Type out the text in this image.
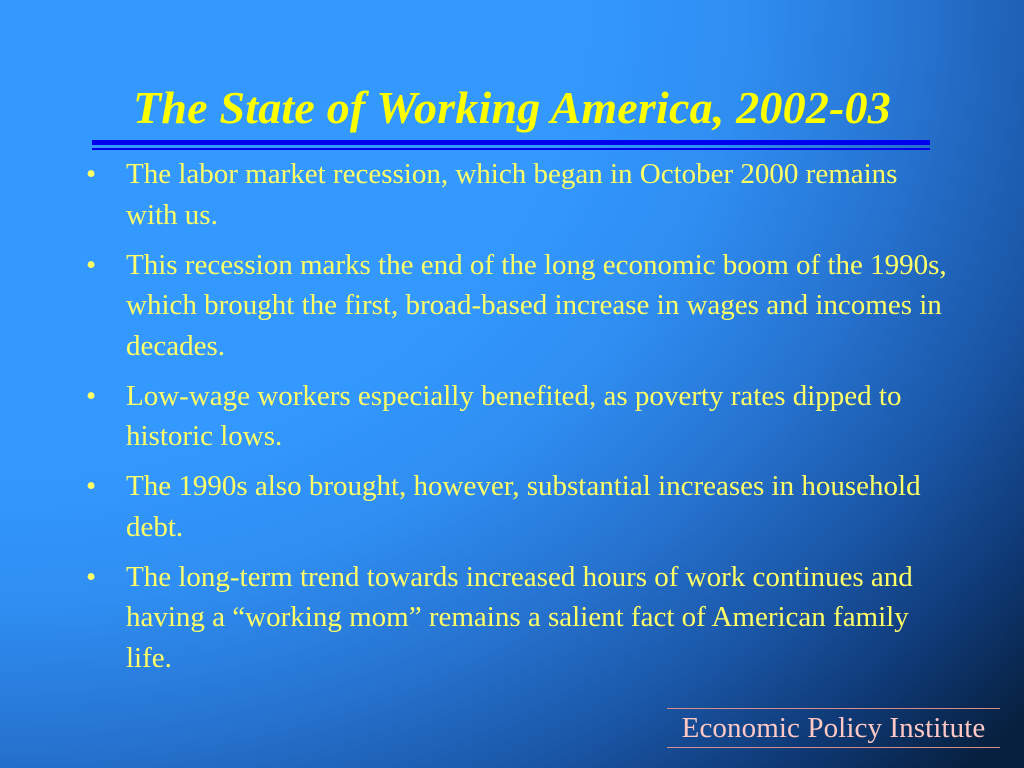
The State of Working America, 2002-03
•	The labor market recession, which began in October 2000 remains with us.
•	This recession marks the end of the long economic boom of the 1990s, which brought the first, broad-based increase in wages and incomes in decades.
•	Low-wage workers especially benefited, as poverty rates dipped to historic lows.
•	The 1990s also brought, however, substantial increases in household debt.
•	The long-term trend towards increased hours of work continues and having a “working mom” remains a salient fact of American family life.
Economic Policy Institute
